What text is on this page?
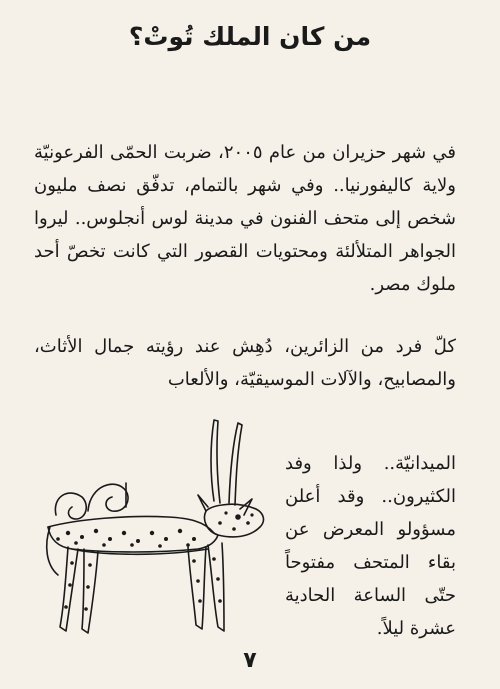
من كان الملك تُوتْ؟

في شهر حزيران من عام ٢٠٠٥، ضربت الحمّى الفرعونيّة ولاية كاليفورنيا.. وفي شهر بالتمام، تدفّق نصف مليون شخص إلى متحف الفنون في مدينة لوس أنجلوس.. ليروا الجواهر المتلألئة ومحتويات القصور التي كانت تخصّ أحد ملوك مصر.

كلّ فرد من الزائرين، دُهِش عند رؤيته جمال الأثاث، والمصابيح، والآلات الموسيقيّة، والألعاب

الميدانيّة.. ولذا وفد الكثيرون.. وقد أعلن مسؤولو المعرض عن بقاء المتحف مفتوحاً حتّى الساعة الحادية عشرة ليلاً.

٧
